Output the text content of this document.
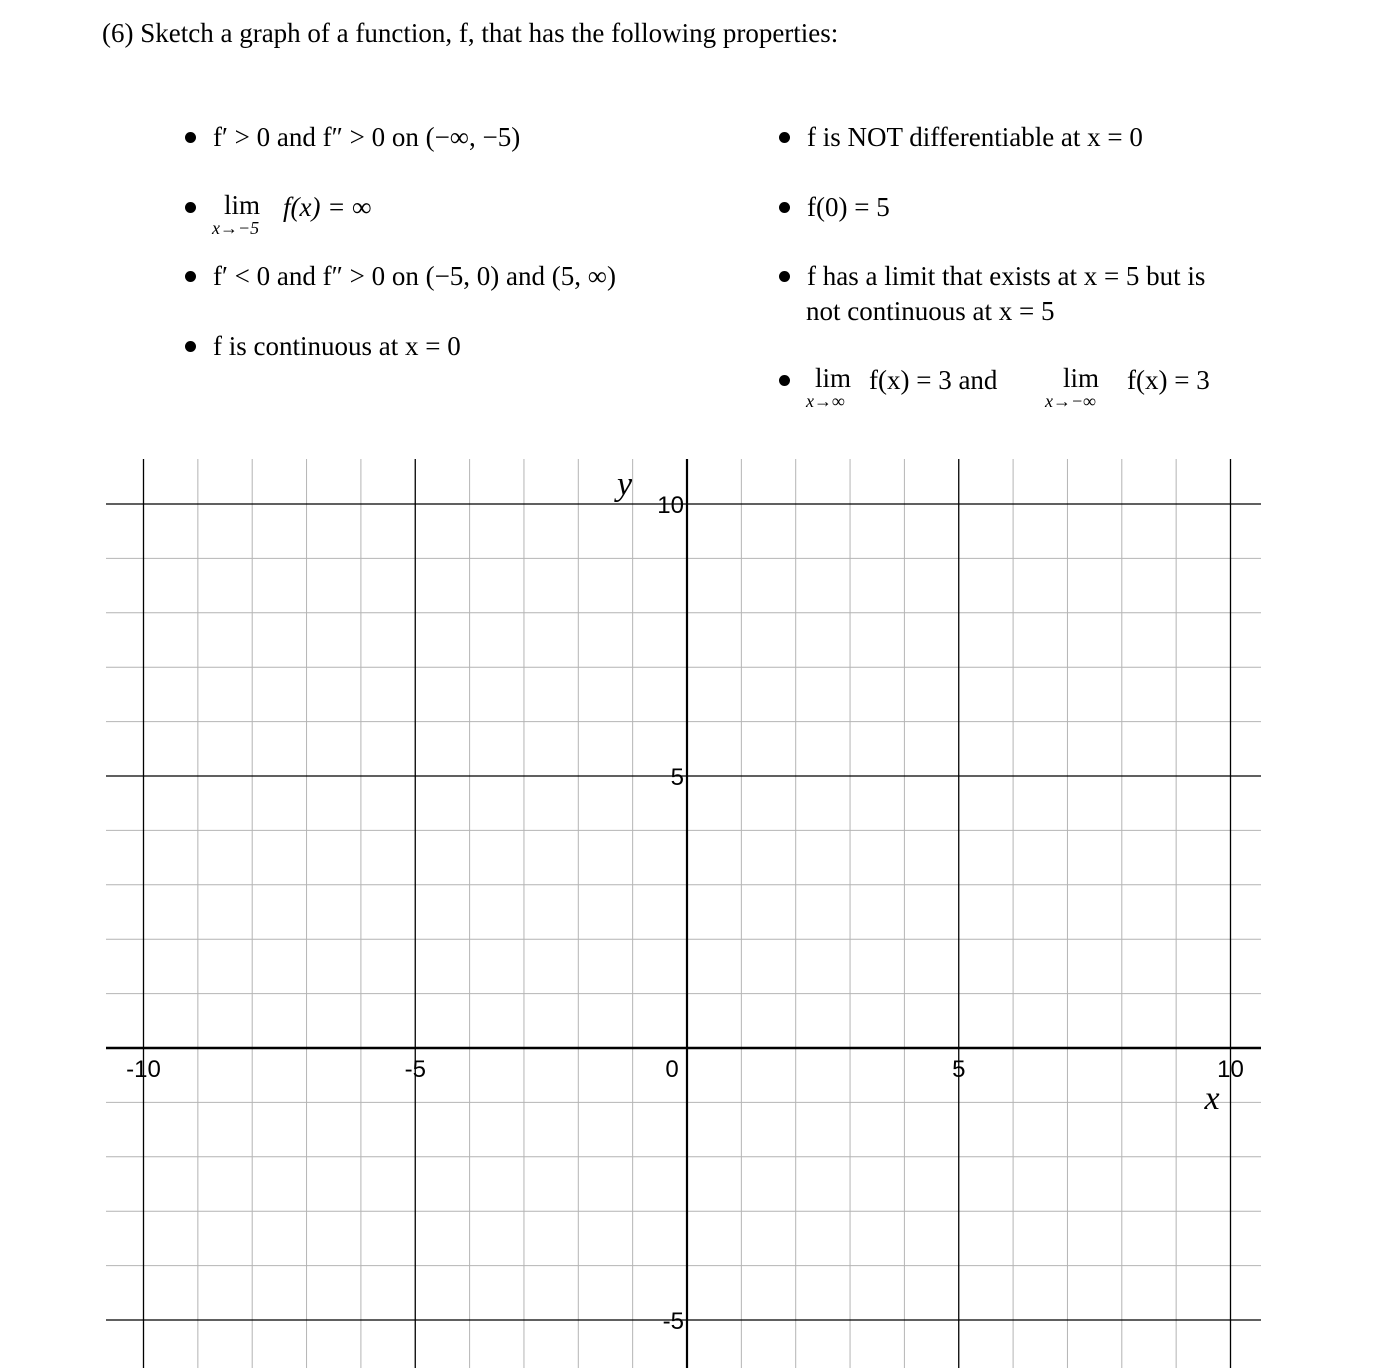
(6) Sketch a graph of a function, f, that has the following properties:
f′ > 0 and f″ > 0 on (−∞, −5)
lim
x→−5
f(x) = ∞
f′ < 0 and f″ > 0 on (−5, 0) and (5, ∞)
f is continuous at x = 0
f is NOT differentiable at x = 0
f(0) = 5
f has a limit that exists at x = 5 but is
not continuous at x = 5
lim
x→∞
f(x) = 3 and lim
x→−∞
f(x) = 3
-10	-5	0	5	10
10
5
-5
y
x
